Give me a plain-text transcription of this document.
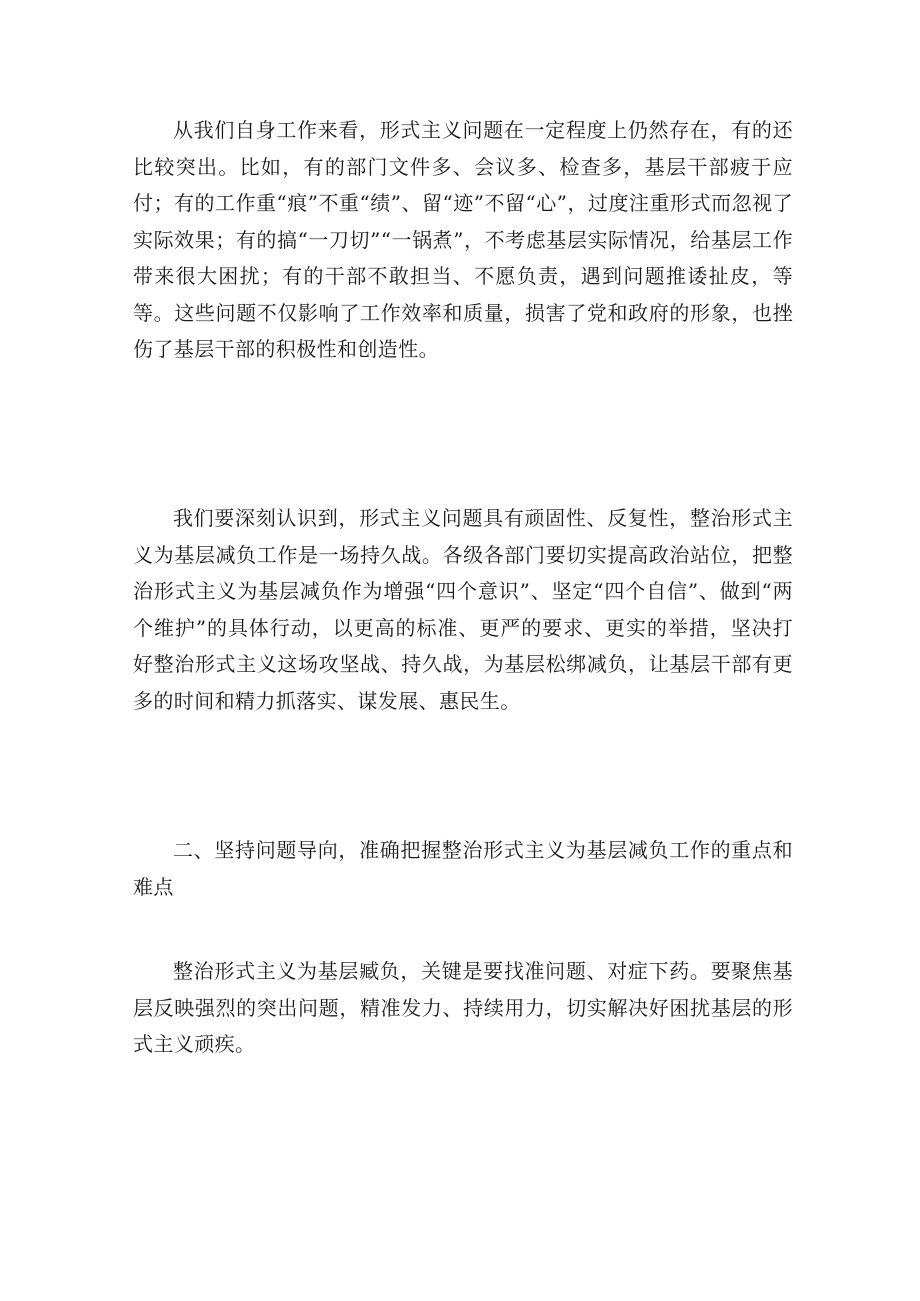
从我们自身工作来看，形式主义问题在一定程度上仍然存在，有的还比较突出。比如，有的部门文件多、会议多、检查多，基层干部疲于应付；有的工作重“痕”不重“绩”、留“迹”不留“心”，过度注重形式而忽视了实际效果；有的搞“一刀切”“一锅煮”，不考虑基层实际情况，给基层工作带来很大困扰；有的干部不敢担当、不愿负责，遇到问题推诿扯皮，等等。这些问题不仅影响了工作效率和质量，损害了党和政府的形象，也挫伤了基层干部的积极性和创造性。

我们要深刻认识到，形式主义问题具有顽固性、反复性，整治形式主义为基层减负工作是一场持久战。各级各部门要切实提高政治站位，把整治形式主义为基层减负作为增强“四个意识”、坚定“四个自信”、做到“两个维护”的具体行动，以更高的标准、更严的要求、更实的举措，坚决打好整治形式主义这场攻坚战、持久战，为基层松绑减负，让基层干部有更多的时间和精力抓落实、谋发展、惠民生。

二、坚持问题导向，准确把握整治形式主义为基层减负工作的重点和难点

整治形式主义为基层臧负，关键是要找准问题、对症下药。要聚焦基层反映强烈的突出问题，精准发力、持续用力，切实解决好困扰基层的形式主义顽疾。
